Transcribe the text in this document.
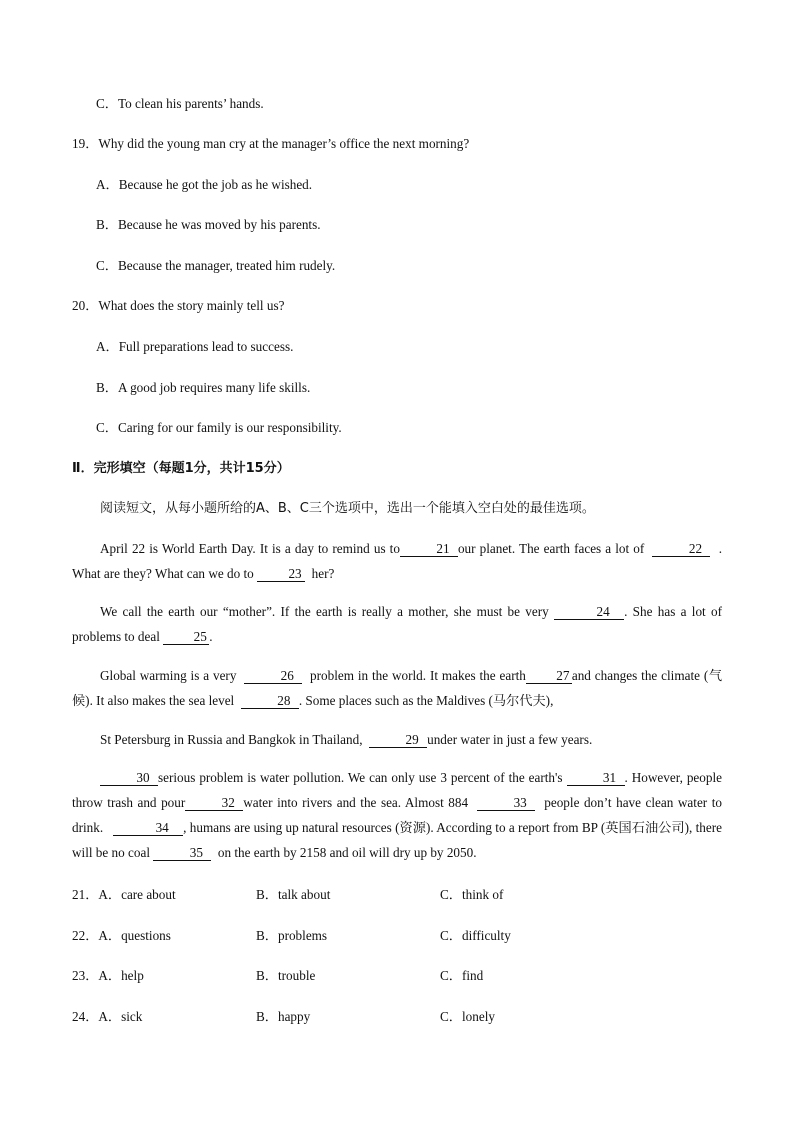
C．To clean his parents’ hands.
19．Why did the young man cry at the manager’s office the next morning?
A．Because he got the job as he wished.
B．Because he was moved by his parents.
C．Because the manager, treated him rudely.
20．What does the story mainly tell us?
A．Full preparations lead to success.
B．A good job requires many life skills.
C．Caring for our family is our responsibility.
Ⅱ．完形填空（每题1分，共计15分）
阅读短文，从每小题所给的A、B、C三个选项中，选出一个能填入空白处的最佳选项。
April 22 is World Earth Day. It is a day to remind us to	21 our planet. The earth faces a lot of	22 . What are they? What can we do to	23 her?
We call the earth our “mother”. If the earth is really a mother, she must be very	24 . She has a lot of problems to deal	25 .
Global warming is a very	26 problem in the world. It makes the earth 27 and changes the climate (气候). It also makes the sea level	28 . Some places such as the Maldives (马尔代夫),
St Petersburg in Russia and Bangkok in Thailand,	29 under water in just a few years.
30 serious problem is water pollution. We can only use 3 percent of the earth's	31 . However, people throw trash and pour	32 water into rivers and the sea. Almost 884	33 people don’t have clean water to drink.	34 , humans are using up natural resources (资源). According to a report from BP (英国石油公司), there will be no coal	35 on the earth by 2158 and oil will dry up by 2050.
21．A．care about	B．talk about	C．think of
22．A．questions	B．problems	C．difficulty
23．A．help	B．trouble	C．find
24．A．sick	B．happy	C．lonely
